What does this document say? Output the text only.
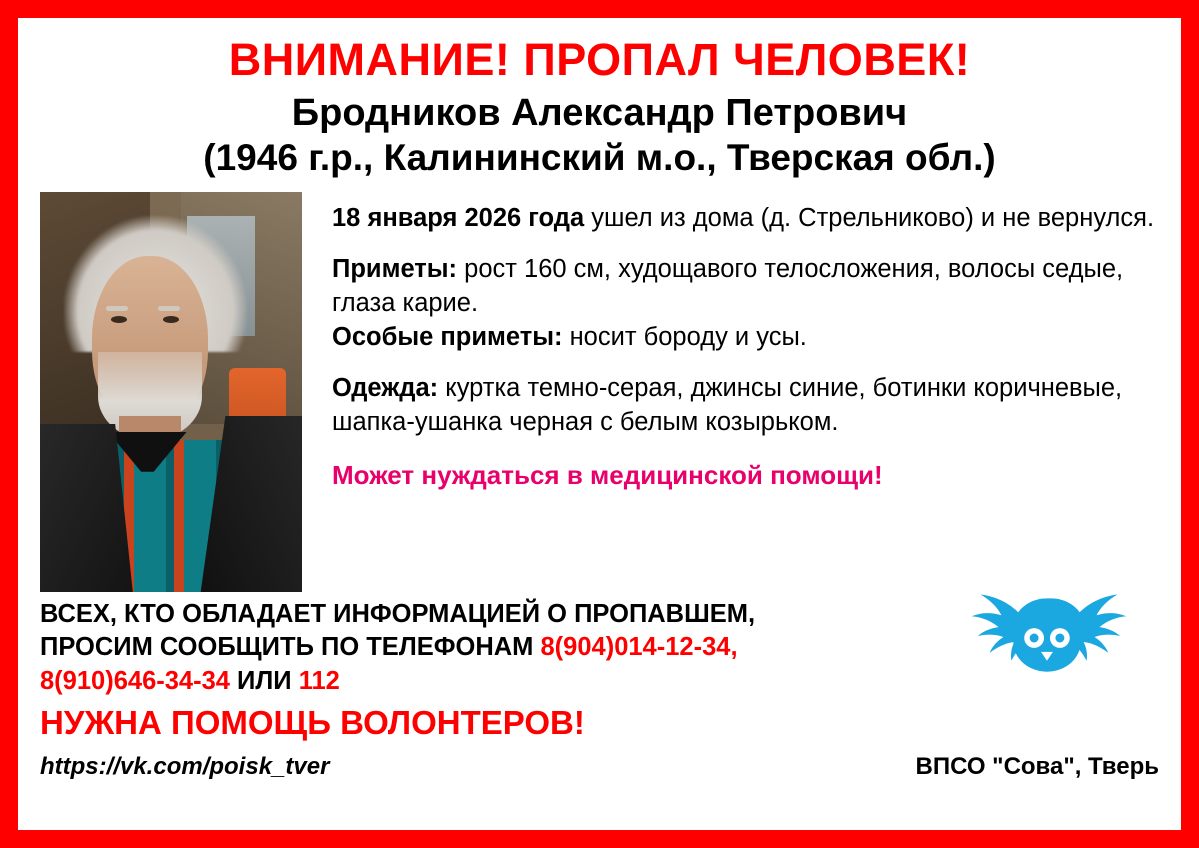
ВНИМАНИЕ! ПРОПАЛ ЧЕЛОВЕК!
Бродников Александр Петрович
(1946 г.р., Калининский м.о., Тверская обл.)

18 января 2026 года ушел из дома (д. Стрельниково) и не вернулся.

Приметы: рост 160 см, худощавого телосложения, волосы седые, глаза карие.
Особые приметы: носит бороду и усы.

Одежда: куртка темно-серая, джинсы синие, ботинки коричневые, шапка-ушанка черная с белым козырьком.

Может нуждаться в медицинской помощи!
ВСЕХ, КТО ОБЛАДАЕТ ИНФОРМАЦИЕЙ О ПРОПАВШЕМ,
ПРОСИМ СООБЩИТЬ ПО ТЕЛЕФОНАМ 8(904)014-12-34,
8(910)646-34-34 ИЛИ 112
НУЖНА ПОМОЩЬ ВОЛОНТЕРОВ!
https://vk.com/poisk_tver	ВПСО "Сова", Тверь
